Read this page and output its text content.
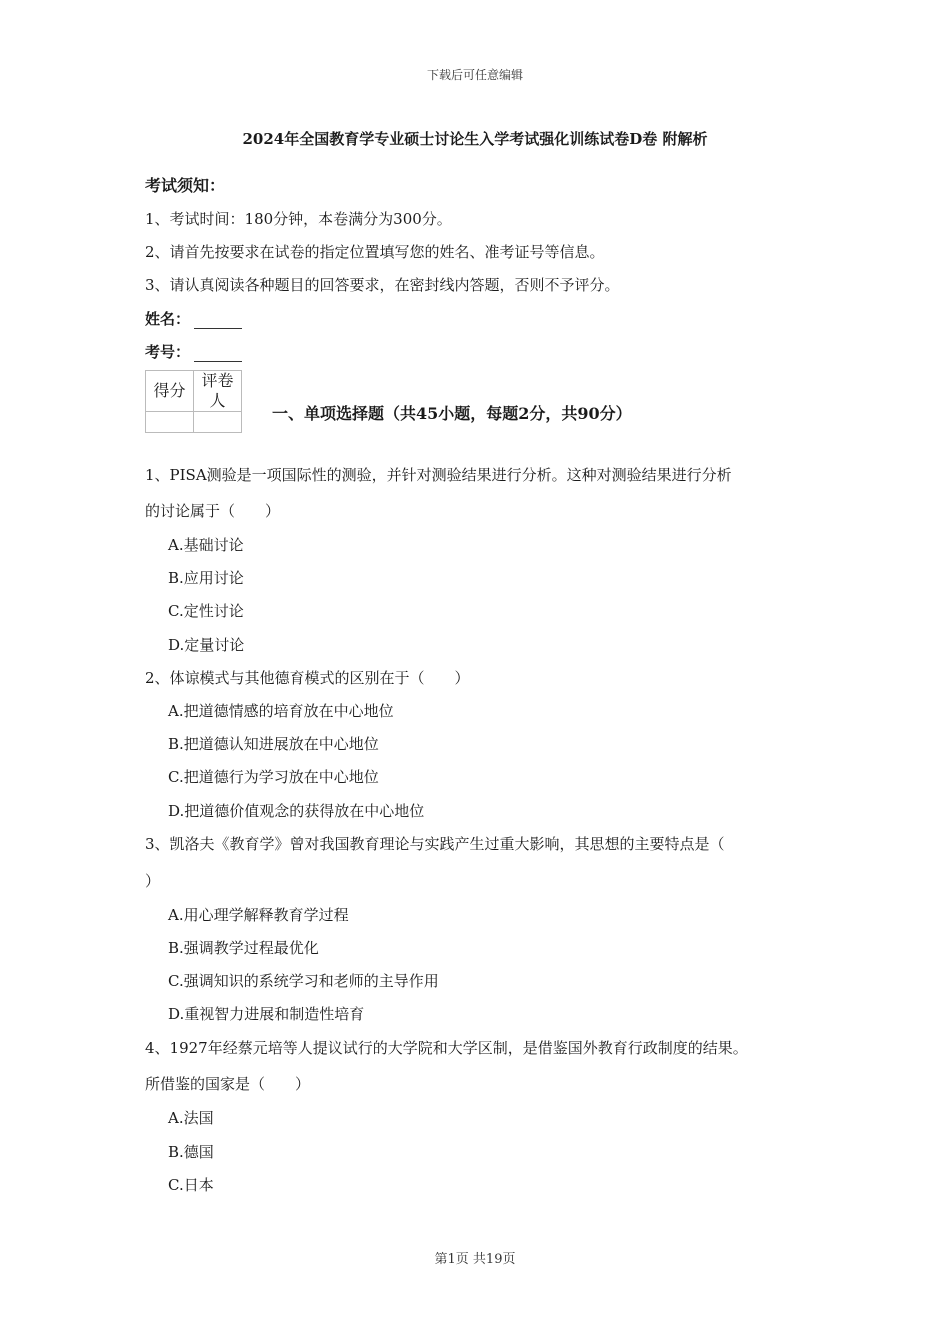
下载后可任意编辑
2024年全国教育学专业硕士讨论生入学考试强化训练试卷D卷 附解析
考试须知：
1、考试时间：180分钟，本卷满分为300分。
2、请首先按要求在试卷的指定位置填写您的姓名、准考证号等信息。
3、请认真阅读各种题目的回答要求，在密封线内答题，否则不予评分。
姓名：
考号：
得分	评卷人

一、单项选择题（共45小题，每题2分，共90分）
1、PISA测验是一项国际性的测验，并针对测验结果进行分析。这种对测验结果进行分析
的讨论属于（　　）
A.基础讨论
B.应用讨论
C.定性讨论
D.定量讨论
2、体谅模式与其他德育模式的区别在于（　　）
A.把道德情感的培育放在中心地位
B.把道德认知进展放在中心地位
C.把道德行为学习放在中心地位
D.把道德价值观念的获得放在中心地位
3、凯洛夫《教育学》曾对我国教育理论与实践产生过重大影响，其思想的主要特点是（
）
A.用心理学解释教育学过程
B.强调教学过程最优化
C.强调知识的系统学习和老师的主导作用
D.重视智力进展和制造性培育
4、1927年经蔡元培等人提议试行的大学院和大学区制，是借鉴国外教育行政制度的结果。
所借鉴的国家是（　　）
A.法国
B.德国
C.日本
第1页 共19页
